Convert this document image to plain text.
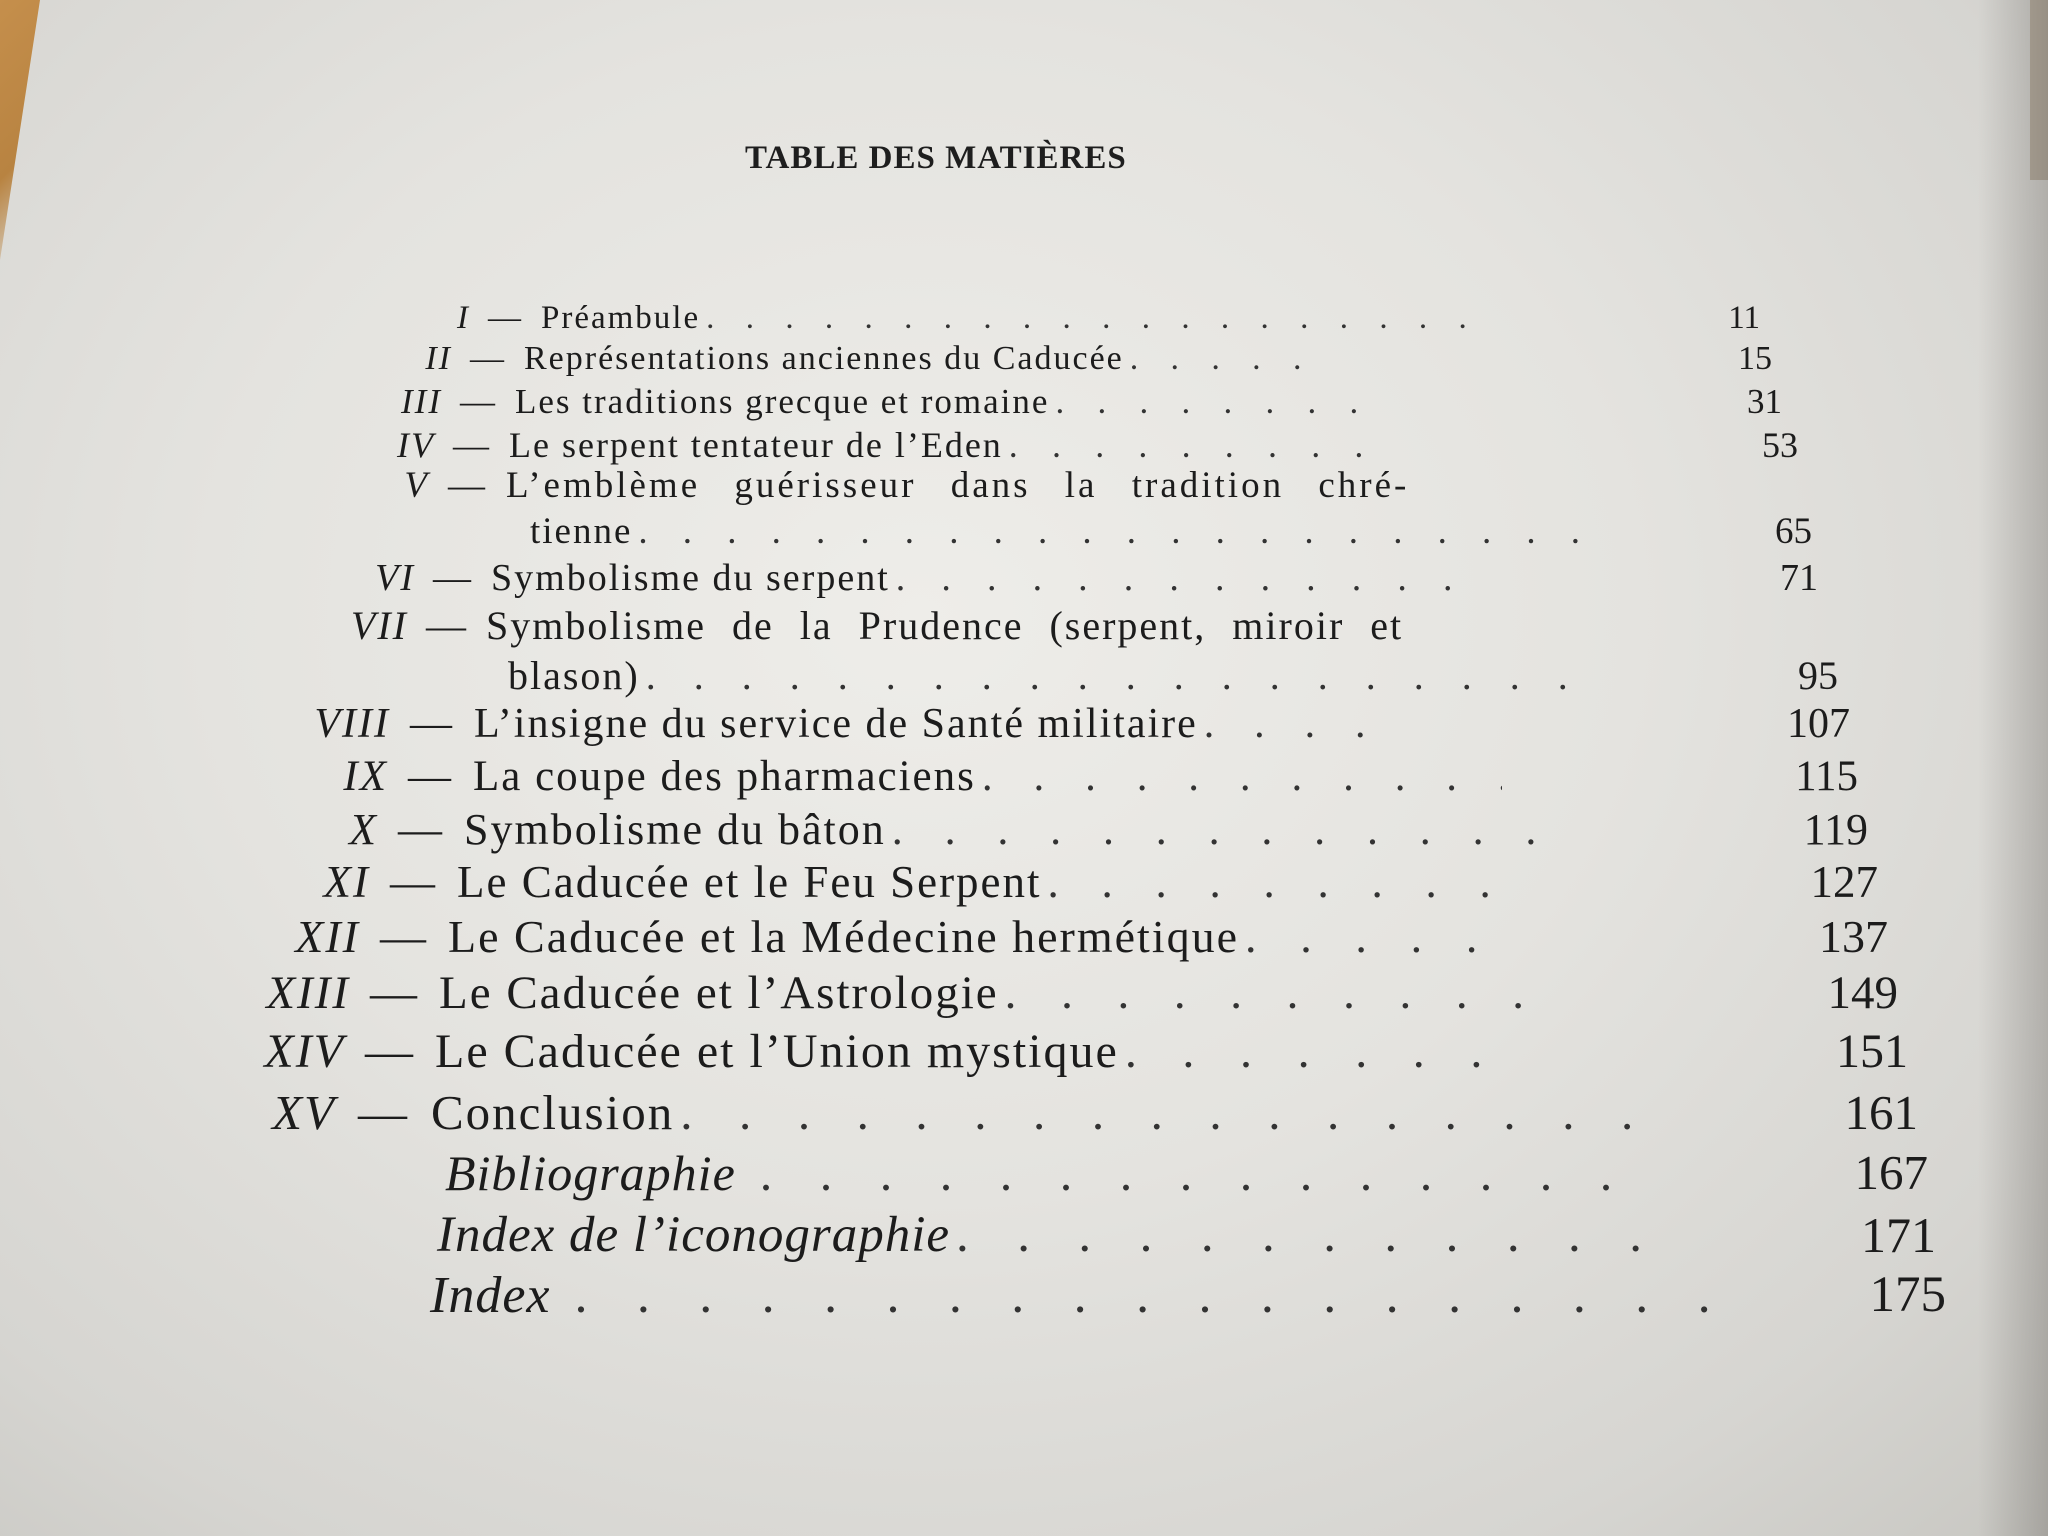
TABLE DES MATIÈRES
I — Préambule . . .	11
II — Représentations anciennes du Caducée . . .	15
III — Les traditions grecque et romaine . . .	31
IV — Le serpent tentateur de l’Eden . . .	53
V — L’emblème guérisseur dans la tradition chré-
tienne . . .	65
VI — Symbolisme du serpent . . .	71
VII — Symbolisme de la Prudence (serpent, miroir et
blason) . . .	95
VIII — L’insigne du service de Santé militaire . . .	107
IX — La coupe des pharmaciens . . .	115
X — Symbolisme du bâton . . .	119
XI — Le Caducée et le Feu Serpent . . .	127
XII — Le Caducée et la Médecine hermétique . . .	137
XIII — Le Caducée et l’Astrologie . . .	149
XIV — Le Caducée et l’Union mystique . . .	151
XV — Conclusion . . .	161
Bibliographie . . .	167
Index de l’iconographie . . .	171
Index . . .	175
